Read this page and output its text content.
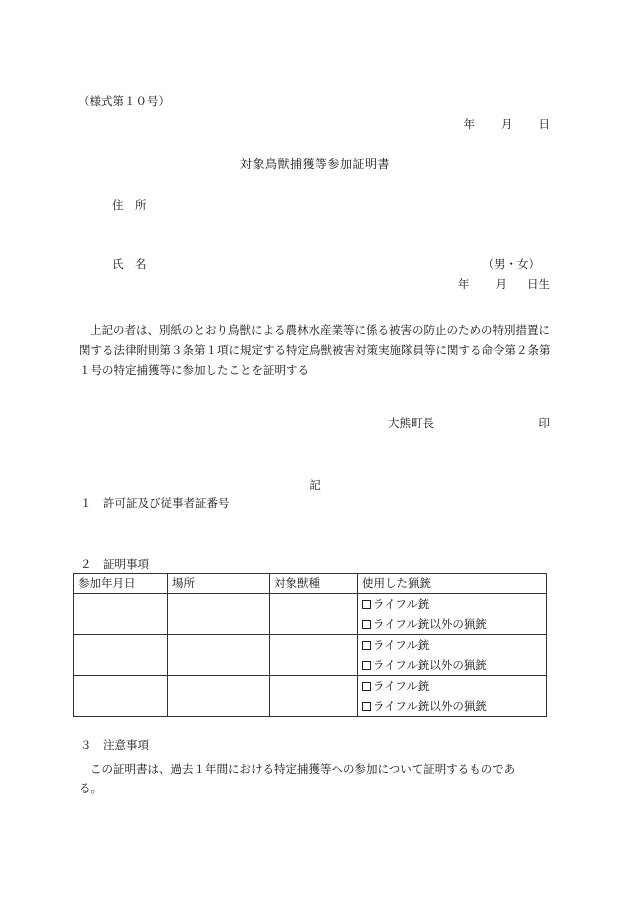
（様式第１０号）
年 月 日
対象鳥獣捕獲等参加証明書
住　所
氏　名	（男・女）
年 月 日生
上記の者は、別紙のとおり鳥獣による農林水産業等に係る被害の防止のための特別措置に関する法律附則第３条第１項に規定する特定鳥獣被害対策実施隊員等に関する命令第２条第１号の特定捕獲等に参加したことを証明する
大熊町長	印
記
１　許可証及び従事者証番号
２　証明事項
参加年月日	場所	対象獣種	使用した猟銃

			ライフル銃
ライフル銃以外の猟銃

			ライフル銃
ライフル銃以外の猟銃

			ライフル銃
ライフル銃以外の猟銃
３　注意事項
この証明書は、過去１年間における特定捕獲等への参加について証明するものである。
